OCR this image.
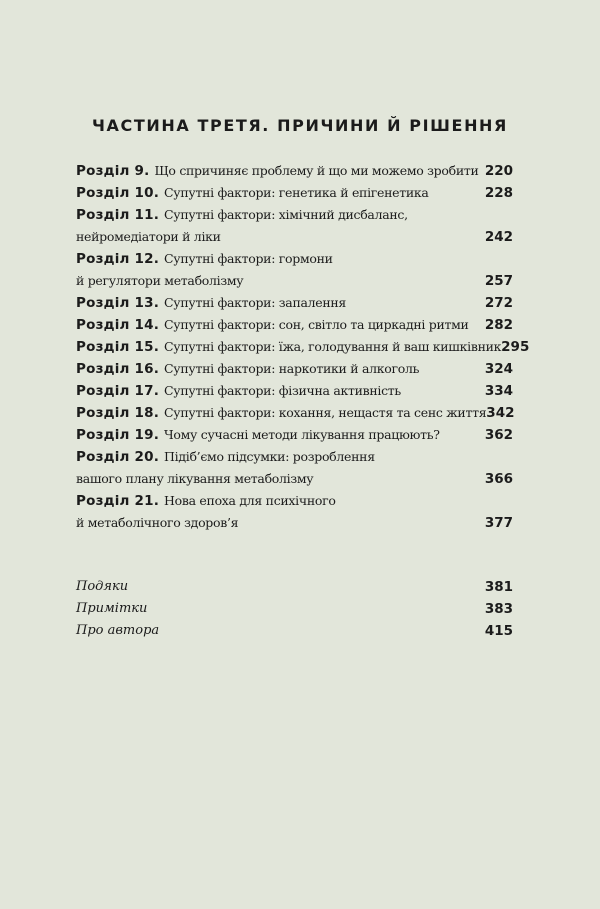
ЧАСТИНА ТРЕТЯ. ПРИЧИНИ Й РІШЕННЯ
Розділ 9. Що спричиняє проблему й що ми можемо зробити 220
Розділ 10. Супутні фактори: генетика й епігенетика	228
Розділ 11. Супутні фактори: хімічний дисбаланс,
нейромедіатори й ліки	242
Розділ 12. Супутні фактори: гормони
й регулятори метаболізму	257
Розділ 13. Супутні фактори: запалення	272
Розділ 14. Супутні фактори: сон, світло та циркадні ритми 282
Розділ 15. Супутні фактори: їжа, голодування й ваш кишківник 295
Розділ 16. Супутні фактори: наркотики й алкоголь	324
Розділ 17. Супутні фактори: фізична активність	334
Розділ 18. Супутні фактори: кохання, нещастя та сенс життя 342
Розділ 19. Чому сучасні методи лікування працюють?	362
Розділ 20. Підіб’ємо підсумки: розроблення
вашого плану лікування метаболізму	366
Розділ 21. Нова епоха для психічного
й метаболічного здоров’я	377
Подяки	381
Примітки	383
Про автора	415
